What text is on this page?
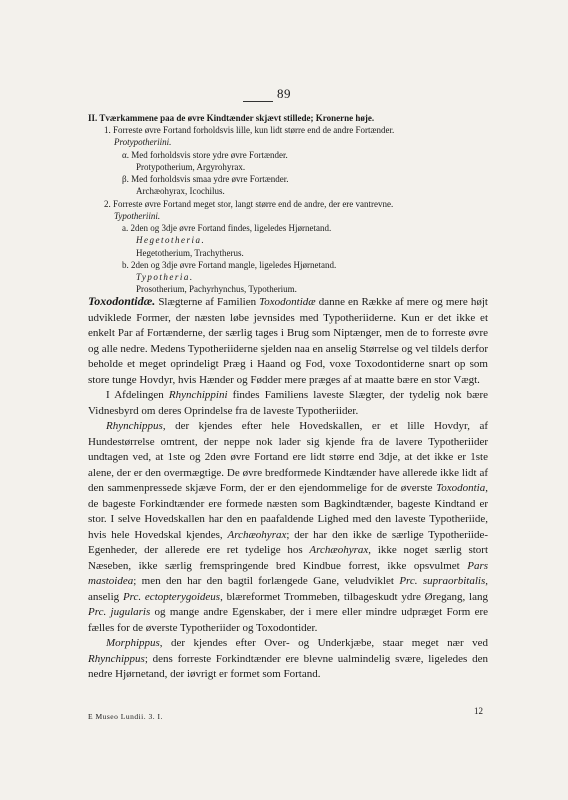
89
II. Tværkammene paa de øvre Kindtænder skjævt stillede; Kronerne høje.
1. Forreste øvre Fortand forholdsvis lille, kun lidt større end de andre Fortænder.
Protypotheriini.
α. Med forholdsvis store ydre øvre Fortænder.
Protypotherium, Argyrohyrax.
β. Med forholdsvis smaa ydre øvre Fortænder.
Archæohyrax, Icochilus.
2. Forreste øvre Fortand meget stor, langt større end de andre, der ere vantrevne.
Typotheriini.
a. 2den og 3dje øvre Fortand findes, ligeledes Hjørnetand.
Hegetotheria.
Hegetotherium, Trachytherus.
b. 2den og 3dje øvre Fortand mangle, ligeledes Hjørnetand.
Typotheria.
Prosotherium, Pachyrhynchus, Typotherium.

Toxodontidæ. Slægterne af Familien Toxodontidæ danne en Række af mere og mere højt udviklede Former, der næsten løbe jevnsides med Typotheriiderne. Kun er det ikke et enkelt Par af Fortænderne, der særlig tages i Brug som Niptænger, men de to forreste øvre og alle nedre. Medens Typotheriiderne sjelden naa en anselig Størrelse og vel tildels derfor beholde et meget oprindeligt Præg i Haand og Fod, voxe Toxodontiderne snart op som store tunge Hovdyr, hvis Hænder og Fødder mere præges af at maatte bære en stor Vægt.

I Afdelingen Rhynchippini findes Familiens laveste Slægter, der tydelig nok bære Vidnesbyrd om deres Oprindelse fra de laveste Typotheriider.

Rhynchippus, der kjendes efter hele Hovedskallen, er et lille Hovdyr, af Hundestørrelse omtrent, der neppe nok lader sig kjende fra de lavere Typotheriider undtagen ved, at 1ste og 2den øvre Fortand ere lidt større end 3dje, at det ikke er 1ste alene, der er den overmægtige. De øvre bredformede Kindtænder have allerede ikke lidt af den sammenpressede skjæve Form, der er den ejendommelige for de øverste Toxodontia, de bageste Forkindtænder ere formede næsten som Bagkindtænder, bageste Kindtand er stor. I selve Hovedskallen har den en paafaldende Lighed med den laveste Typotheriide, hvis hele Hovedskal kjendes, Archæohyrax; der har den ikke de særlige Typotheriide-Egenheder, der allerede ere ret tydelige hos Archæohyrax, ikke noget særlig stort Næseben, ikke særlig fremspringende bred Kindbue forrest, ikke opsvulmet Pars mastoidea; men den har den bagtil forlængede Gane, veludviklet Prc. supraorbitalis, anselig Prc. ectopterygoideus, blæreformet Trommeben, tilbageskudt ydre Øregang, lang Prc. jugularis og mange andre Egenskaber, der i mere eller mindre udpræget Form ere fælles for de øverste Typotheriider og Toxodontider.

Morphippus, der kjendes efter Over- og Underkjæbe, staar meget nær ved Rhynchippus; dens forreste Forkindtænder ere blevne ualmindelig svære, ligeledes den nedre Hjørnetand, der iøvrigt er formet som Fortand.

E Museo Lundii. 3. I.
12
